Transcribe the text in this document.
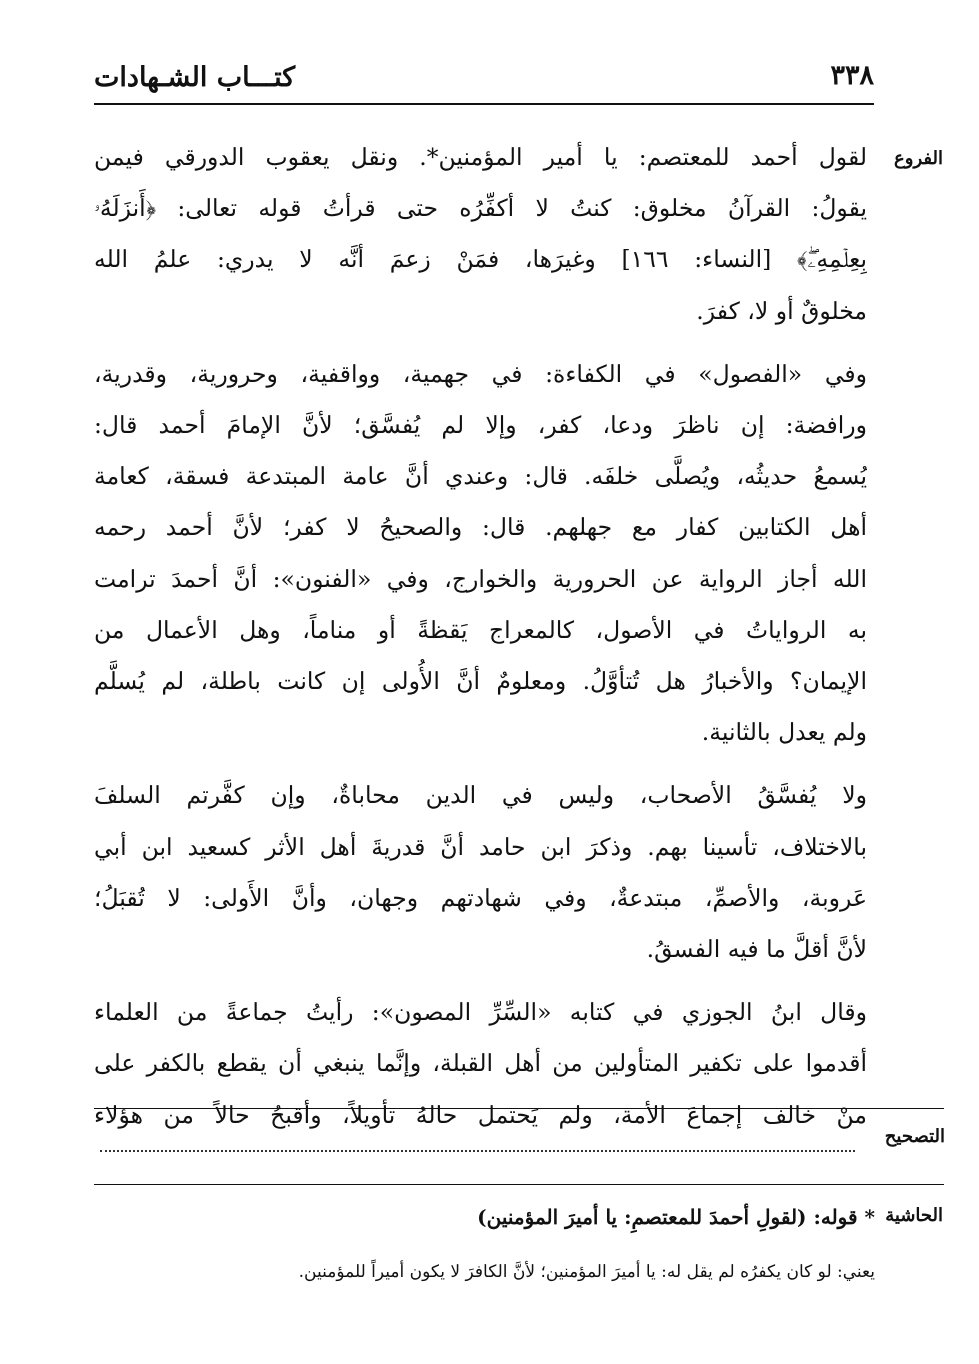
كتـــاب الشـهادات	٣٣٨
الفروع
لقول أحمد للمعتصم: يا أمير المؤمنين*. ونقل يعقوب الدورقي فيمن
يقولُ: القرآنُ مخلوق: كنتُ لا أكفِّرُه حتى قرأتُ قوله تعالى: ﴿أَنزَلَهُۥ
بِعِلۡمِهِۦۖ﴾ [النساء: ١٦٦] وغيرَها، فمَنْ زعمَ أنَّه لا يدري: علمُ الله
مخلوقٌ أو لا، كفرَ.
وفي «الفصول» في الكفاءة: في جهمية، وواقفية، وحرورية، وقدرية،
ورافضة: إن ناظرَ ودعا، كفر، وإلا لم يُفسَّق؛ لأنَّ الإمامَ أحمد قال:
يُسمعُ حديثُه، ويُصلَّى خلفَه. قال: وعندي أنَّ عامة المبتدعة فسقة، كعامة
أهل الكتابين كفار مع جهلهم. قال: والصحيحُ لا كفر؛ لأنَّ أحمد رحمه
الله أجاز الرواية عن الحرورية والخوارج، وفي «الفنون»: أنَّ أحمدَ ترامت
به الرواياتُ في الأصول، كالمعراج يَقظةً أو مناماً، وهل الأعمال من
الإيمان؟ والأخبارُ هل تُتأوَّلُ. ومعلومٌ أنَّ الأُولى إن كانت باطلة، لم يُسلَّم
ولم يعدل بالثانية.
ولا يُفسَّقُ الأصحاب، وليس في الدين محاباةٌ، وإن كفَّرتم السلفَ
بالاختلاف، تأسينا بهم. وذكرَ ابن حامد أنَّ قدريةَ أهل الأثر كسعيد ابن أبي
عَروبة، والأصمِّ، مبتدعةٌ، وفي شهادتهم وجهان، وأنَّ الأَولى: لا تُقبَلُ؛
لأنَّ أقلَّ ما فيه الفسقُ.
وقال ابنُ الجوزي في كتابه «السِّرِّ المصون»: رأيتُ جماعةً من العلماء
أقدموا على تكفير المتأولين من أهل القبلة، وإنَّما ينبغي أن يقطع بالكفر على
منْ خالف إجماعَ الأمة، ولم يَحتمل حالهُ تأويلاً، وأقبحُ حالاً من هؤلاء
التصحيح
الحاشية
* قوله: (لقولِ أحمدَ للمعتصمِ: يا أميرَ المؤمنين)
يعني: لو كان يكفرُه لم يقل له: يا أميرَ المؤمنين؛ لأنَّ الكافرَ لا يكون أميراً للمؤمنين.
